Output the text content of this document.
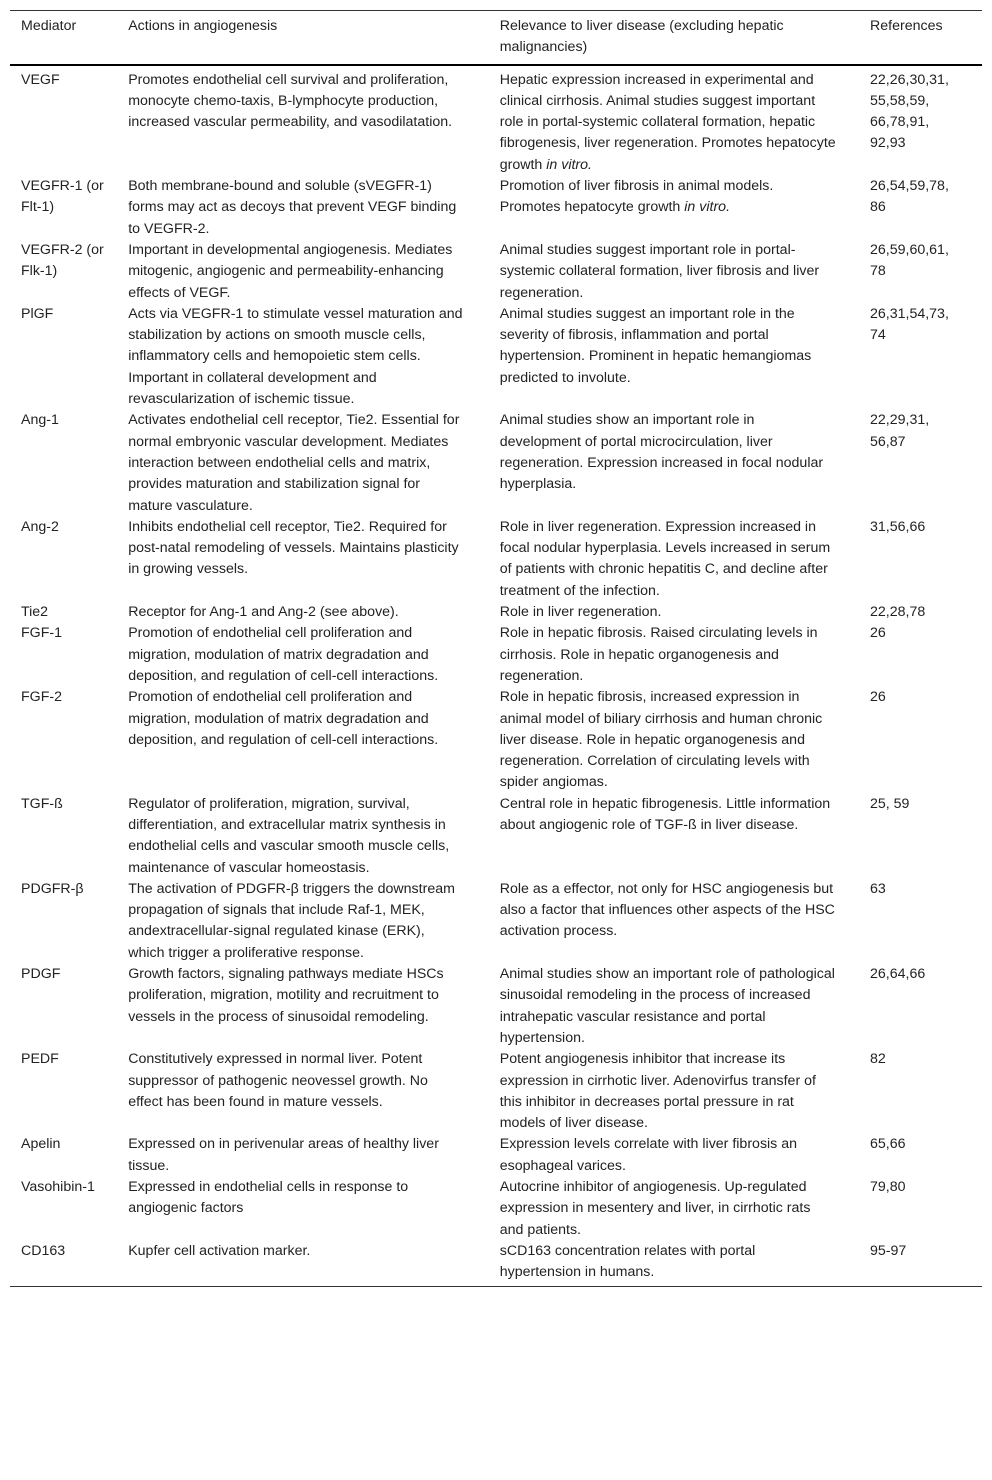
Mediator	Actions in angiogenesis	Relevance to liver disease (excluding hepatic malignancies)	References

VEGF	Promotes endothelial cell survival and proliferation, monocyte chemo-taxis, B-lymphocyte production, increased vascular permeability, and vasodilatation.	Hepatic expression increased in experimental and clinical cirrhosis. Animal studies suggest important role in portal-systemic collateral formation, hepatic fibrogenesis, liver regeneration. Promotes hepatocyte growth in vitro.	22,26,30,31, 55,58,59, 66,78,91, 92,93

VEGFR-1 (or Flt-1)	Both membrane-bound and soluble (sVEGFR-1) forms may act as decoys that prevent VEGF binding to VEGFR-2.	Promotion of liver fibrosis in animal models. Promotes hepatocyte growth in vitro.	26,54,59,78, 86

VEGFR-2 (or Flk-1)	Important in developmental angiogenesis. Mediates mitogenic, angiogenic and permeability-enhancing effects of VEGF.	Animal studies suggest important role in portal-systemic collateral formation, liver fibrosis and liver regeneration.	26,59,60,61, 78

PlGF	Acts via VEGFR-1 to stimulate vessel maturation and stabilization by actions on smooth muscle cells, inflammatory cells and hemopoietic stem cells. Important in collateral development and revascularization of ischemic tissue.	Animal studies suggest an important role in the severity of fibrosis, inflammation and portal hypertension. Prominent in hepatic hemangiomas predicted to involute.	26,31,54,73, 74

Ang-1	Activates endothelial cell receptor, Tie2. Essential for normal embryonic vascular development. Mediates interaction between endothelial cells and matrix, provides maturation and stabilization signal for mature vasculature.	Animal studies show an important role in development of portal microcirculation, liver regeneration. Expression increased in focal nodular hyperplasia.	22,29,31, 56,87

Ang-2	Inhibits endothelial cell receptor, Tie2. Required for post-natal remodeling of vessels. Maintains plasticity in growing vessels.	Role in liver regeneration. Expression increased in focal nodular hyperplasia. Levels increased in serum of patients with chronic hepatitis C, and decline after treatment of the infection.	31,56,66

Tie2	Receptor for Ang-1 and Ang-2 (see above).	Role in liver regeneration.	22,28,78

FGF-1	Promotion of endothelial cell proliferation and migration, modulation of matrix degradation and deposition, and regulation of cell-cell interactions.	Role in hepatic fibrosis. Raised circulating levels in cirrhosis. Role in hepatic organogenesis and regeneration.	26

FGF-2	Promotion of endothelial cell proliferation and migration, modulation of matrix degradation and deposition, and regulation of cell-cell interactions.	Role in hepatic fibrosis, increased expression in animal model of biliary cirrhosis and human chronic liver disease. Role in hepatic organogenesis and regeneration. Correlation of circulating levels with spider angiomas.	26

TGF-ß	Regulator of proliferation, migration, survival, differentiation, and extracellular matrix synthesis in endothelial cells and vascular smooth muscle cells, maintenance of vascular homeostasis.	Central role in hepatic fibrogenesis. Little information about angiogenic role of TGF-ß in liver disease.	25, 59

PDGFR-β	The activation of PDGFR-β triggers the downstream propagation of signals that include Raf-1, MEK, andextracellular-signal regulated kinase (ERK), which trigger a proliferative response.	Role as a effector, not only for HSC angiogenesis but also a factor that influences other aspects of the HSC activation process.	63

PDGF	Growth factors, signaling pathways mediate HSCs proliferation, migration, motility and recruitment to vessels in the process of sinusoidal remodeling.	Animal studies show an important role of pathological sinusoidal remodeling in the process of increased intrahepatic vascular resistance and portal hypertension.	26,64,66

PEDF	Constitutively expressed in normal liver. Potent suppressor of pathogenic neovessel growth. No effect has been found in mature vessels.	Potent angiogenesis inhibitor that increase its expression in cirrhotic liver. Adenovirfus transfer of this inhibitor in decreases portal pressure in rat models of liver disease.	82

Apelin	Expressed on in perivenular areas of healthy liver tissue.	Expression levels correlate with liver fibrosis an esophageal varices.	65,66

Vasohibin-1	Expressed in endothelial cells in response to angiogenic factors	Autocrine inhibitor of angiogenesis. Up-regulated expression in mesentery and liver, in cirrhotic rats and patients.	79,80

CD163	Kupfer cell activation marker.	sCD163 concentration relates with portal hypertension in humans.	95-97
